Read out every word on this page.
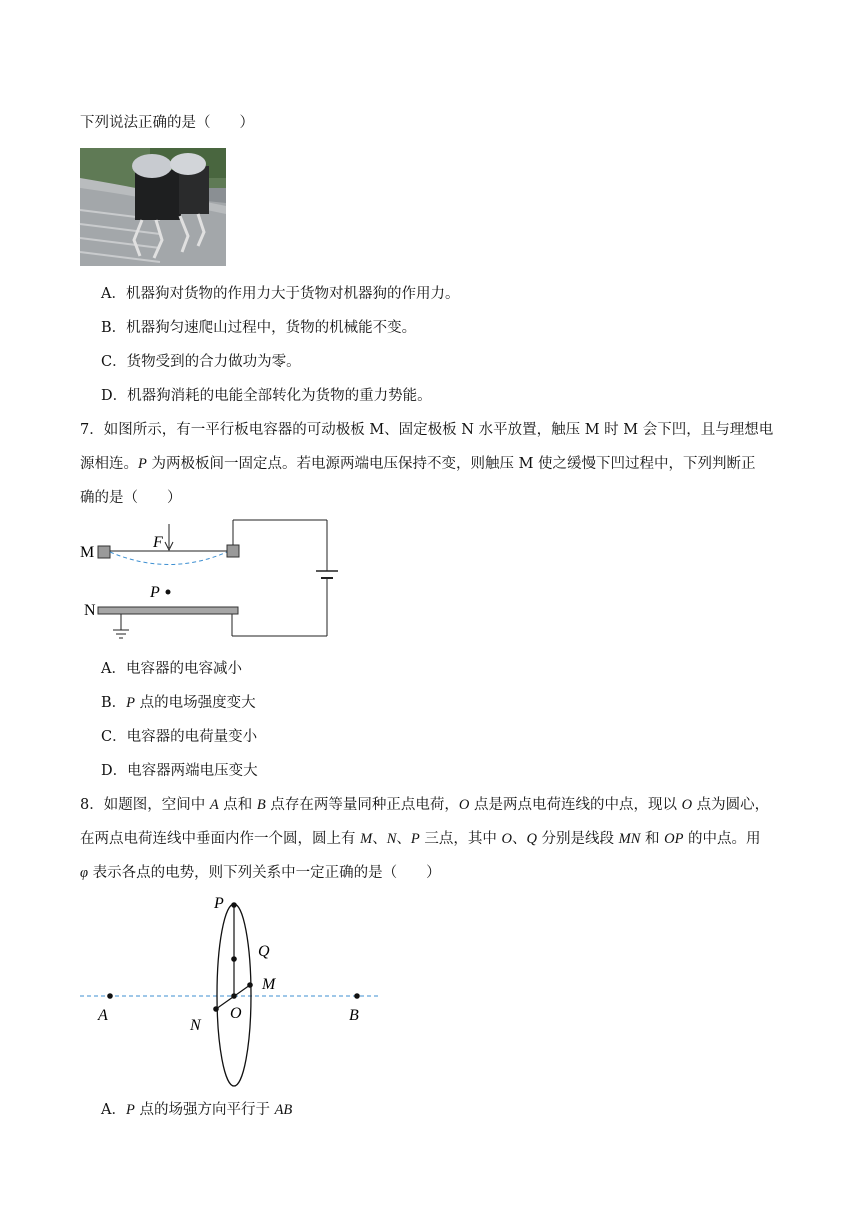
下列说法正确的是（　　）
A．机器狗对货物的作用力大于货物对机器狗的作用力。
B．机器狗匀速爬山过程中，货物的机械能不变。
C．货物受到的合力做功为零。
D．机器狗消耗的电能全部转化为货物的重力势能。
7．如图所示，有一平行板电容器的可动极板 M、固定极板 N 水平放置，触压 M 时 M 会下凹，且与理想电
源相连。P 为两极板间一固定点。若电源两端电压保持不变，则触压 M 使之缓慢下凹过程中，下列判断正
确的是（　　）
M
F
P
N
A．电容器的电容减小
B．P 点的电场强度变大
C．电容器的电荷量变小
D．电容器两端电压变大
8．如题图，空间中 A 点和 B 点存在两等量同种正点电荷，O 点是两点电荷连线的中点，现以 O 点为圆心，
在两点电荷连线中垂面内作一个圆，圆上有 M、N、P 三点，其中 O、Q 分别是线段 MN 和 OP 的中点。用
φ 表示各点的电势，则下列关系中一定正确的是（　　）
P
Q
M
O
N
A	B
A．P 点的场强方向平行于 AB
